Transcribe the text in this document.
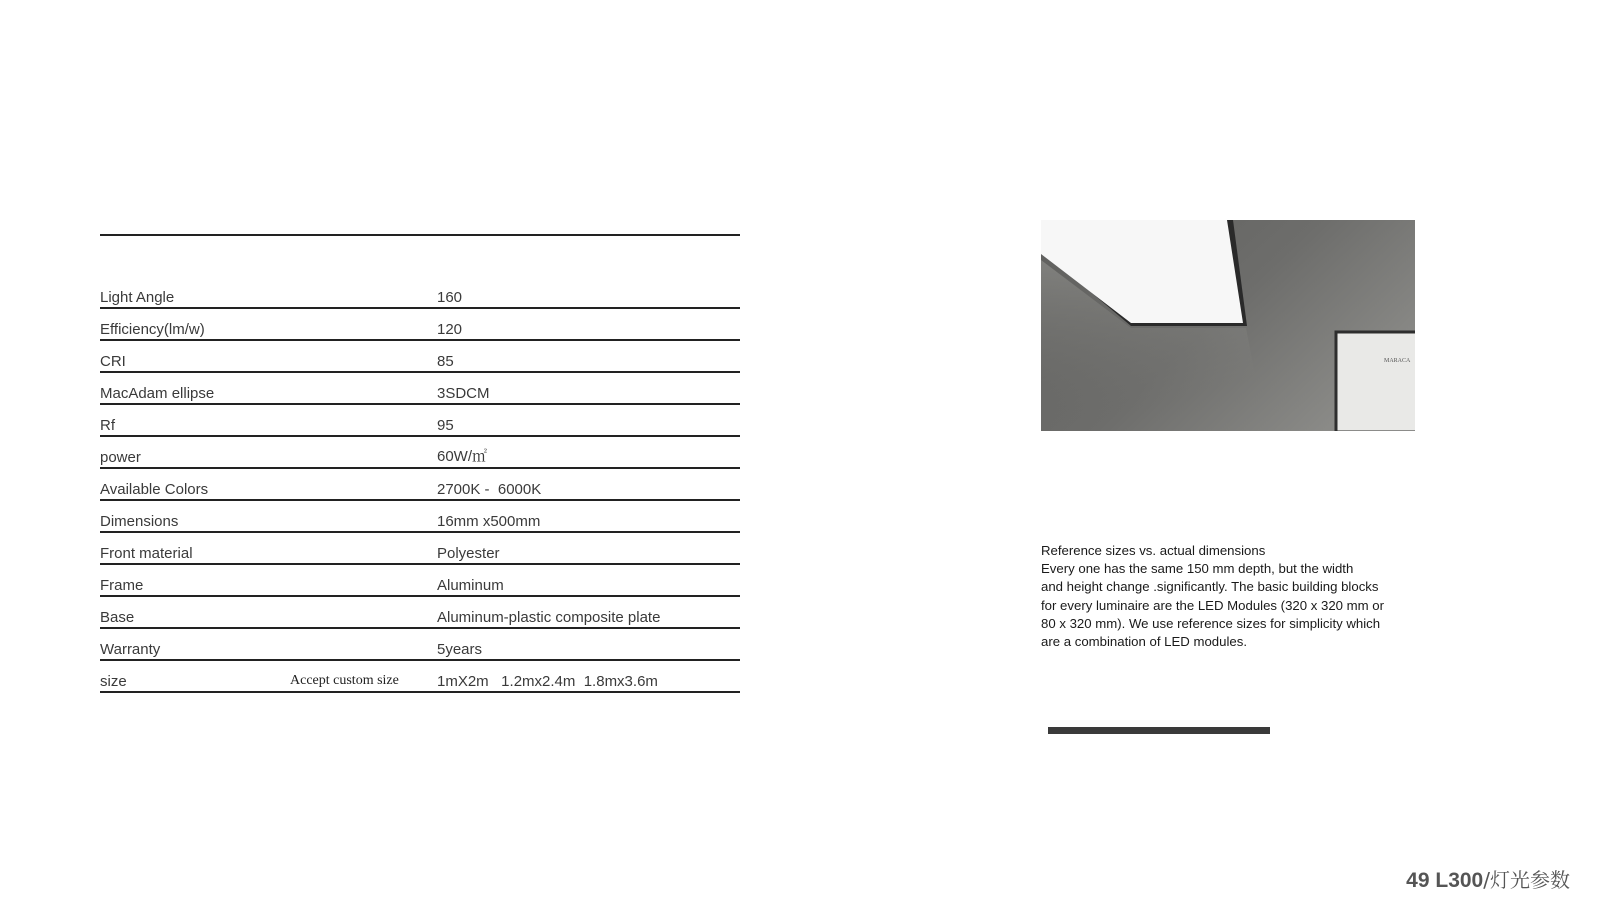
Light Angle	160
Efficiency(lm/w)	120
CRI	85
MacAdam ellipse	3SDCM
Rf	95
power	60W/㎡
Available Colors	2700K -  6000K
Dimensions	16mm x500mm
Front material	Polyester
Frame	Aluminum
Base	Aluminum-plastic composite plate
Warranty	5years
size	Accept custom size	1mX2m   1.2mx2.4m  1.8mx3.6m
MARACA
Reference sizes vs. actual dimensions
Every one has the same 150 mm depth, but the width
and height change .significantly. The basic building blocks
for every luminaire are the LED Modules (320 x 320 mm or
80 x 320 mm). We use reference sizes for simplicity which
are a combination of LED modules.
49 L300/灯光参数
